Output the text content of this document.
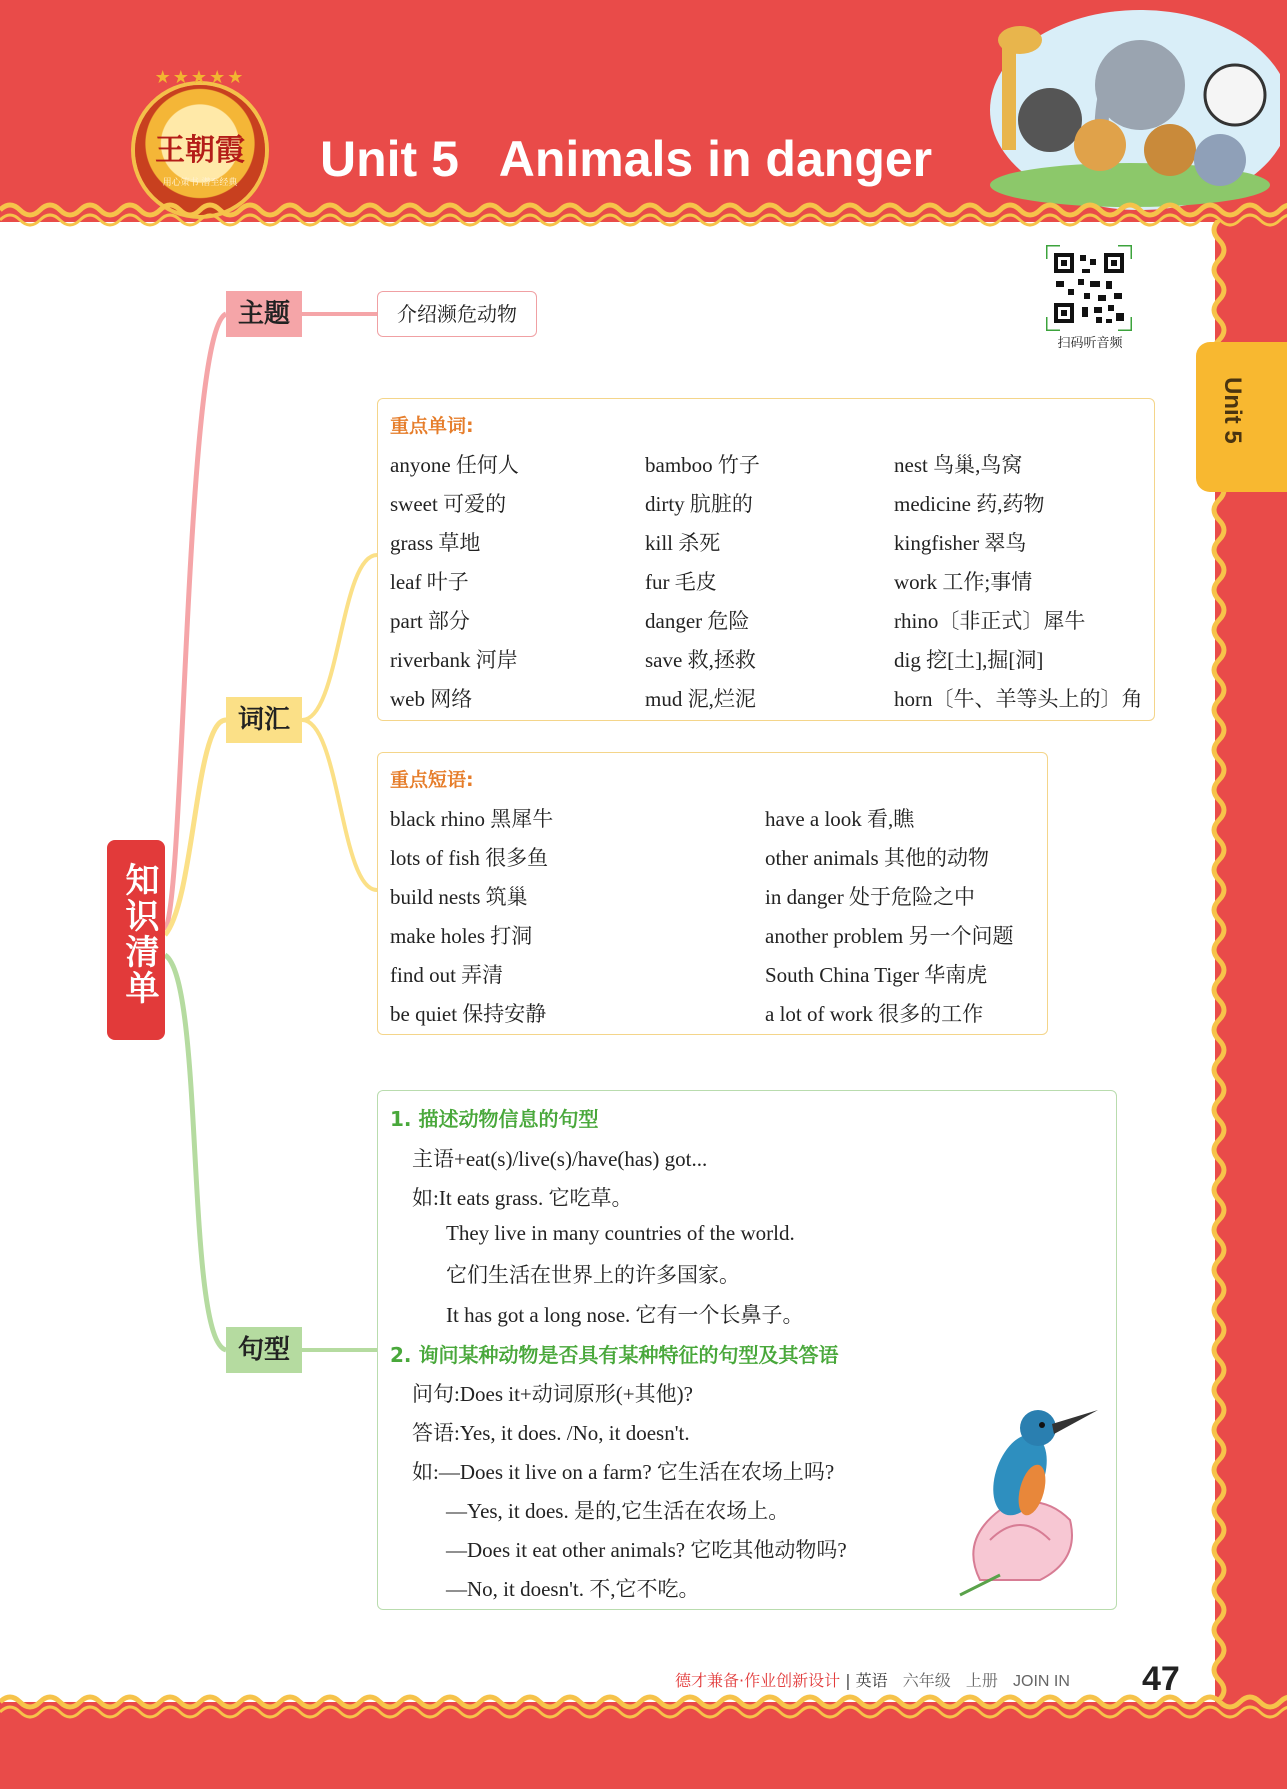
★★★★★
王朝霞
用心策书 潜至经典	Unit 5   Animals in danger
Unit 5
扫码听音频
知识清单
主题	介绍濒危动物
词汇
重点单词:
anyone 任何人	bamboo 竹子	nest 鸟巢,鸟窝
sweet 可爱的	dirty 肮脏的	medicine 药,药物
grass 草地	kill 杀死	kingfisher 翠鸟
leaf 叶子	fur 毛皮	work 工作;事情
part 部分	danger 危险	rhino〔非正式〕犀牛
riverbank 河岸	save 救,拯救	dig 挖[土],掘[洞]
web 网络	mud 泥,烂泥	horn〔牛、羊等头上的〕角
重点短语:
black rhino 黑犀牛	have a look 看,瞧
lots of fish 很多鱼	other animals 其他的动物
build nests 筑巢	in danger 处于危险之中
make holes 打洞	another problem 另一个问题
find out 弄清	South China Tiger 华南虎
be quiet 保持安静	a lot of work 很多的工作
句型
1. 描述动物信息的句型
主语+eat(s)/live(s)/have(has) got...
如:It eats grass. 它吃草。
They live in many countries of the world.
它们生活在世界上的许多国家。
It has got a long nose. 它有一个长鼻子。
2. 询问某种动物是否具有某种特征的句型及其答语
问句:Does it+动词原形(+其他)?
答语:Yes, it does. /No, it doesn't.
如:—Does it live on a farm? 它生活在农场上吗?
—Yes, it does. 是的,它生活在农场上。
—Does it eat other animals? 它吃其他动物吗?
—No, it doesn't. 不,它不吃。
德才兼备·作业创新设计 | 英语 六年级 上册 JOIN IN 47
